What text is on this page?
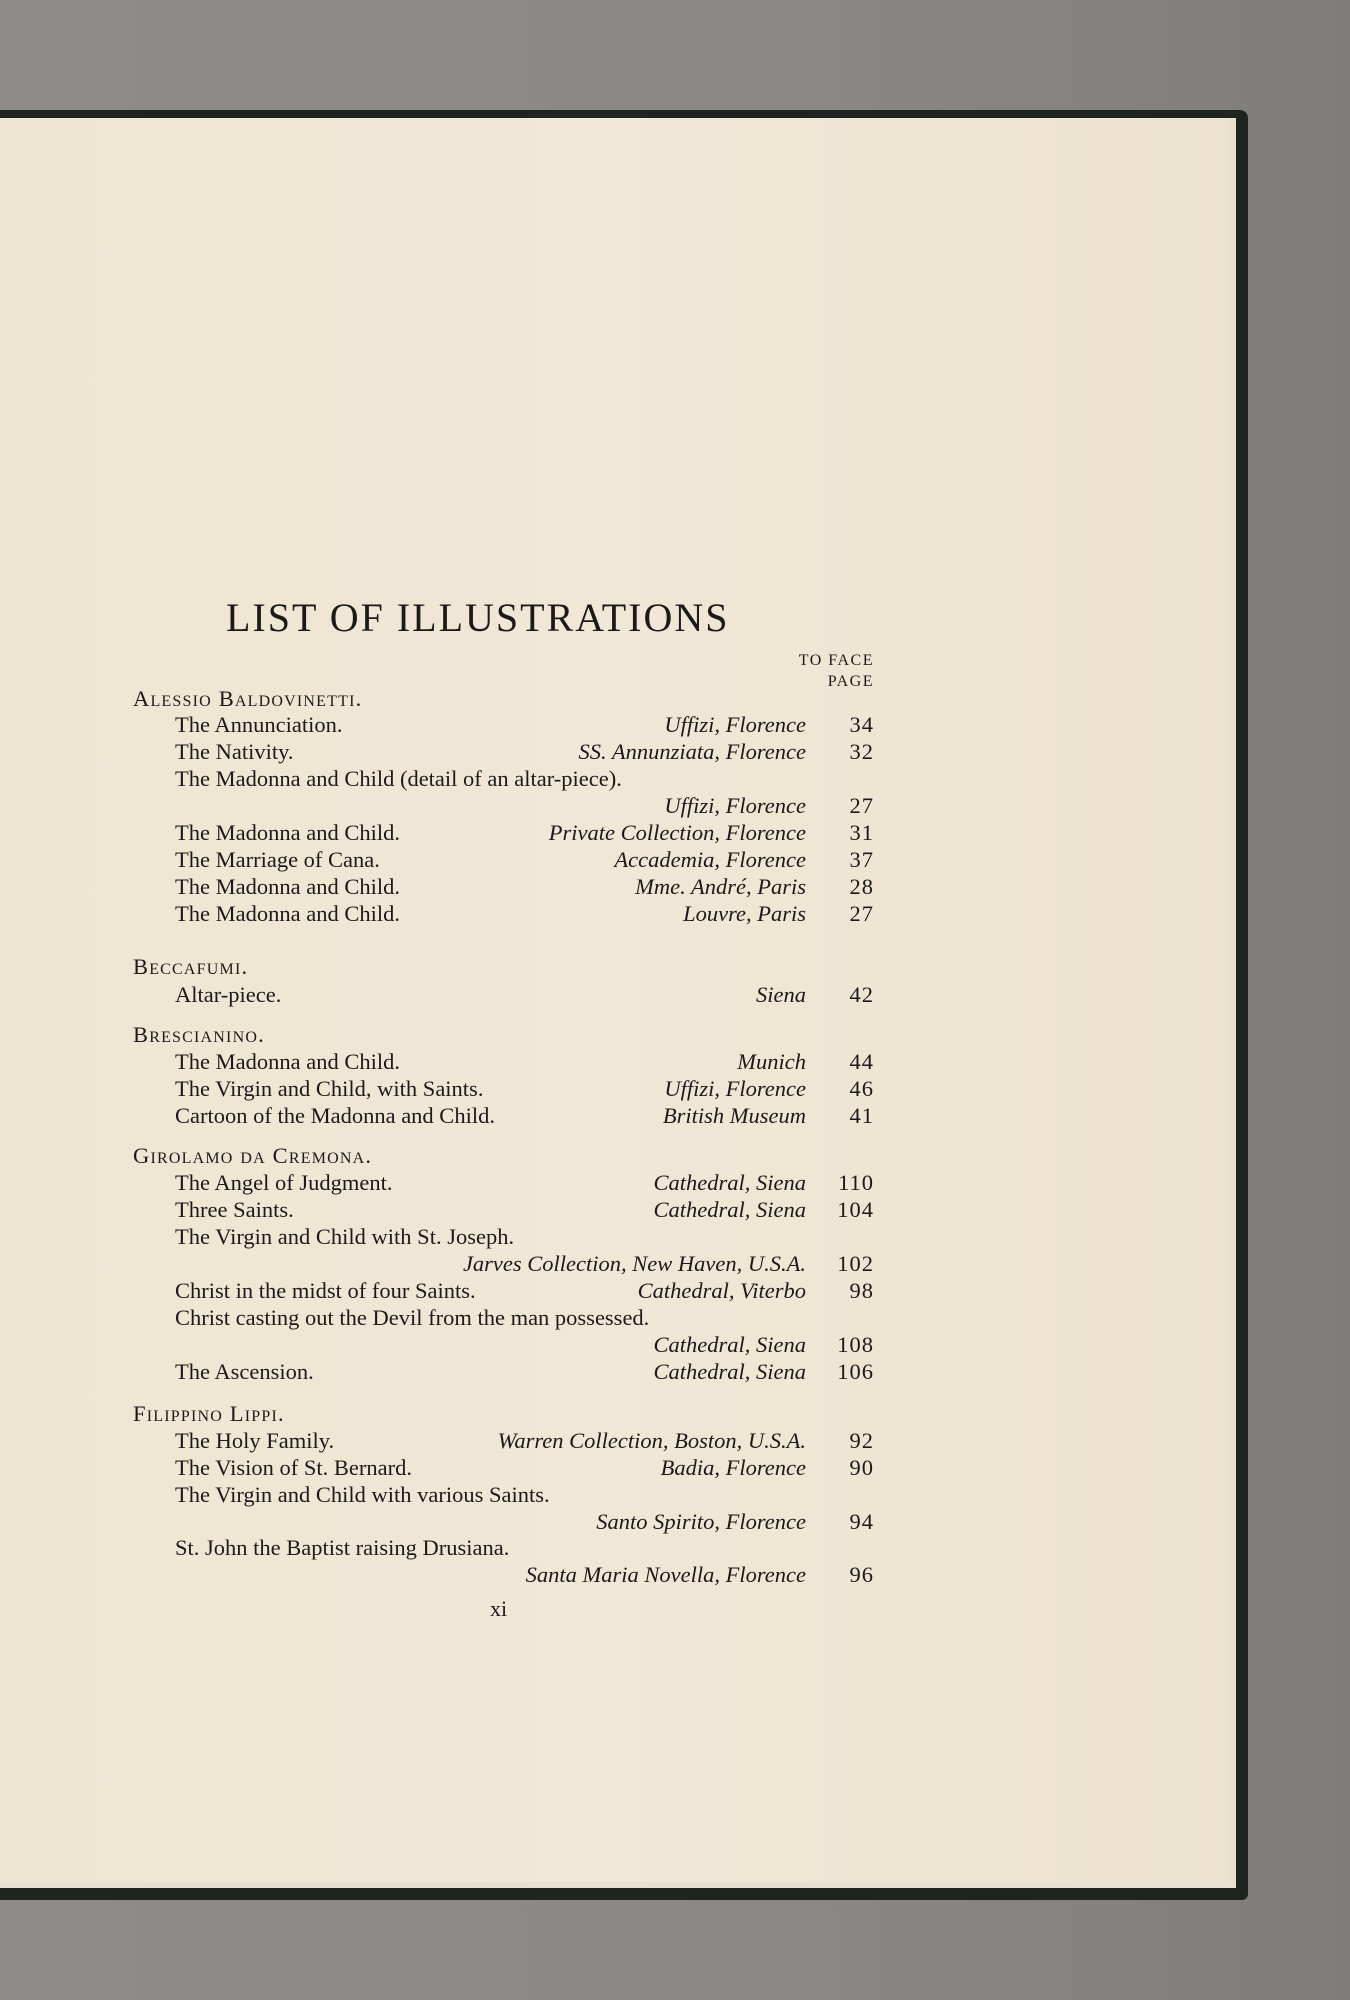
LIST OF ILLUSTRATIONS
TO FACE
PAGE
Alessio Baldovinetti.
The Annunciation.	Uffizi, Florence 34
The Nativity.	SS. Annunziata, Florence 32
The Madonna and Child (detail of an altar-piece).
Uffizi, Florence 27
The Madonna and Child.	Private Collection, Florence 31
The Marriage of Cana.	Accademia, Florence 37
The Madonna and Child.	Mme. André, Paris 28
The Madonna and Child.	Louvre, Paris 27
Beccafumi.
Altar-piece.	Siena 42
Brescianino.
The Madonna and Child.	Munich 44
The Virgin and Child, with Saints.	Uffizi, Florence 46
Cartoon of the Madonna and Child.	British Museum 41
Girolamo da Cremona.
The Angel of Judgment.	Cathedral, Siena 110
Three Saints.	Cathedral, Siena 104
The Virgin and Child with St. Joseph.
Jarves Collection, New Haven, U.S.A. 102
Christ in the midst of four Saints.	Cathedral, Viterbo 98
Christ casting out the Devil from the man possessed.
Cathedral, Siena 108
The Ascension.	Cathedral, Siena 106
Filippino Lippi.
The Holy Family.	Warren Collection, Boston, U.S.A. 92
The Vision of St. Bernard.	Badia, Florence 90
The Virgin and Child with various Saints.
Santo Spirito, Florence 94
St. John the Baptist raising Drusiana.
Santa Maria Novella, Florence 96
xi
